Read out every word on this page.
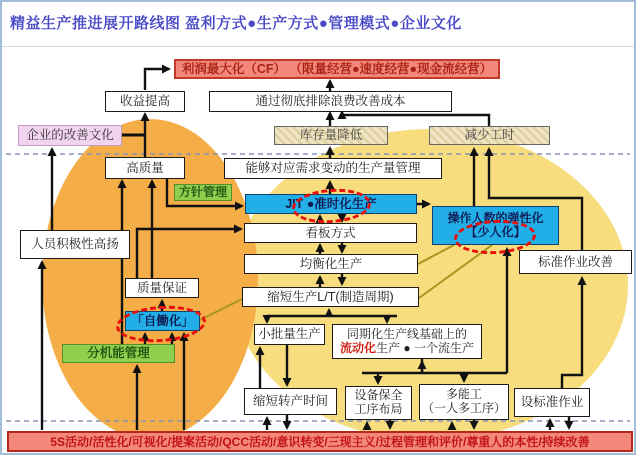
精益生产推进展开路线图 盈利方式●生产方式●管理模式●企业文化
利润最大化（CF） （限量经营●速度经营●现金流经营）
收益提高	通过彻底排除浪费改善成本
企业的改善文化	库存量降低	减少工时
高质量	能够对应需求变动的生产量管理
方针管理
JIT ●准时化生产
操作人数的弹性化
【少人化】
看板方式
均衡化生产
缩短生产L/T(制造周期)
标准作业改善
人员积极性高扬
质量保证
「自働化」
分机能管理
小批量生产 同期化生产线基础上的
流动化生产 ● 一个流生产
缩短转产时间 设备保全
工序布局
多能工
（一人多工序） 设标准作业
5S活动/活性化/可视化/提案活动/QCC活动/意识转变/三现主义/过程管理和评价/尊重人的本性/持续改善
